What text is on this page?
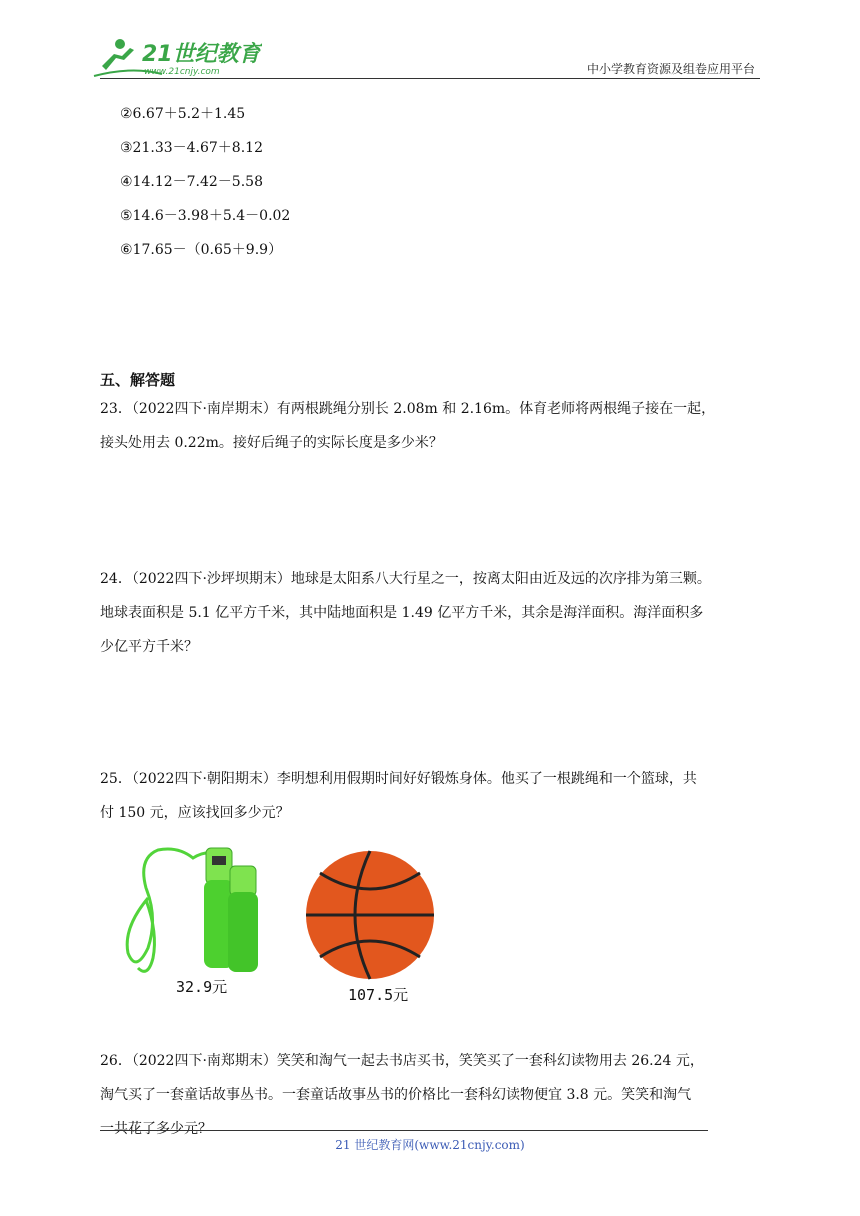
21世纪教育
www.21cnjy.com	中小学教育资源及组卷应用平台
②6.67＋5.2＋1.45
③21.33－4.67＋8.12
④14.12－7.42－5.58
⑤14.6－3.98＋5.4－0.02
⑥17.65－（0.65＋9.9）
五、解答题

23．（2022四下·南岸期末）有两根跳绳分别长 2.08m 和 2.16m。体育老师将两根绳子接在一起，

接头处用去 0.22m。接好后绳子的实际长度是多少米？

24．（2022四下·沙坪坝期末）地球是太阳系八大行星之一，按离太阳由近及远的次序排为第三颗。

地球表面积是 5.1 亿平方千米，其中陆地面积是 1.49 亿平方千米，其余是海洋面积。海洋面积多

少亿平方千米？

25．（2022四下·朝阳期末）李明想利用假期时间好好锻炼身体。他买了一根跳绳和一个篮球，共

付 150 元，应该找回多少元？

32.9元	107.5元

26．（2022四下·南郑期末）笑笑和淘气一起去书店买书，笑笑买了一套科幻读物用去 26.24 元，

淘气买了一套童话故事丛书。一套童话故事丛书的价格比一套科幻读物便宜 3.8 元。笑笑和淘气

一共花了多少元？

21 世纪教育网(www.21cnjy.com)
